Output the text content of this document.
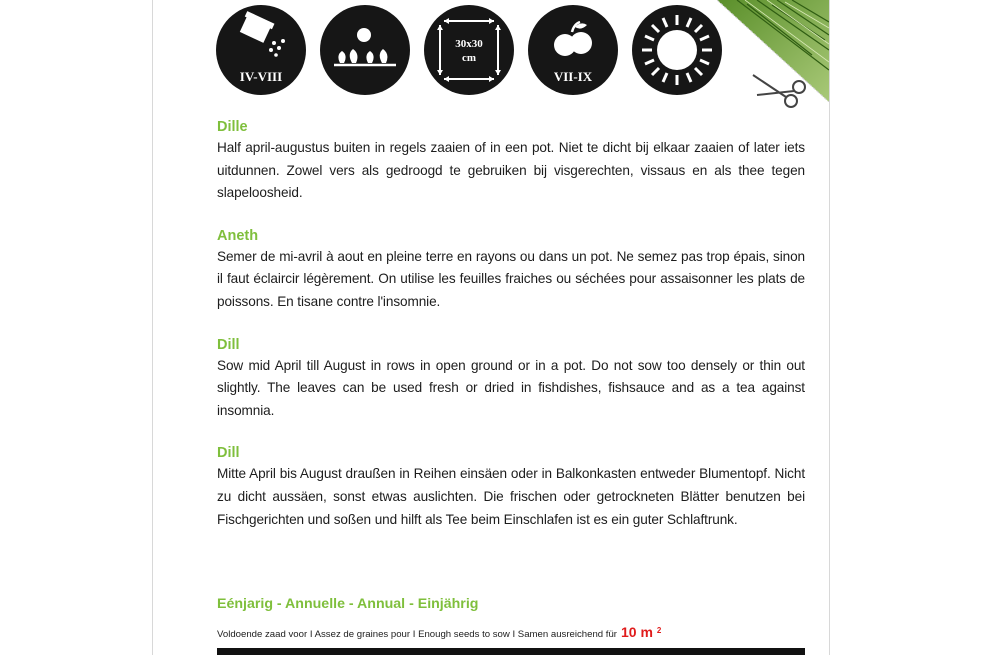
IV-VIII
30x30
cm
VII-IX
Dille
Half april-augustus buiten in regels zaaien of in een pot. Niet te dicht bij elkaar zaaien of later iets uitdunnen. Zowel vers als gedroogd te gebruiken bij visgerechten, vissaus en als thee tegen slapeloosheid.
Aneth
Semer de mi-avril à aout en pleine terre en rayons ou dans un pot. Ne semez pas trop épais, sinon il faut éclaircir légèrement. On utilise les feuilles fraiches ou séchées pour assaisonner les plats de poissons. En tisane contre l'insomnie.
Dill
Sow mid April till August in rows in open ground or in a pot. Do not sow too densely or thin out slightly. The leaves can be used fresh or dried in fishdishes, fishsauce and as a tea against insomnia.
Dill
Mitte April bis August draußen in Reihen einsäen oder in Balkonkasten entweder Blumentopf. Nicht zu dicht aussäen, sonst etwas auslichten. Die frischen oder getrockneten Blätter benutzen bei Fischgerichten und soßen und hilft als Tee beim Einschlafen ist es ein guter Schlaftrunk.
Eénjarig - Annuelle - Annual - Einjährig
Voldoende zaad voor I Assez de graines pour I Enough seeds to sow I Samen ausreichend für 10 m $^2$
